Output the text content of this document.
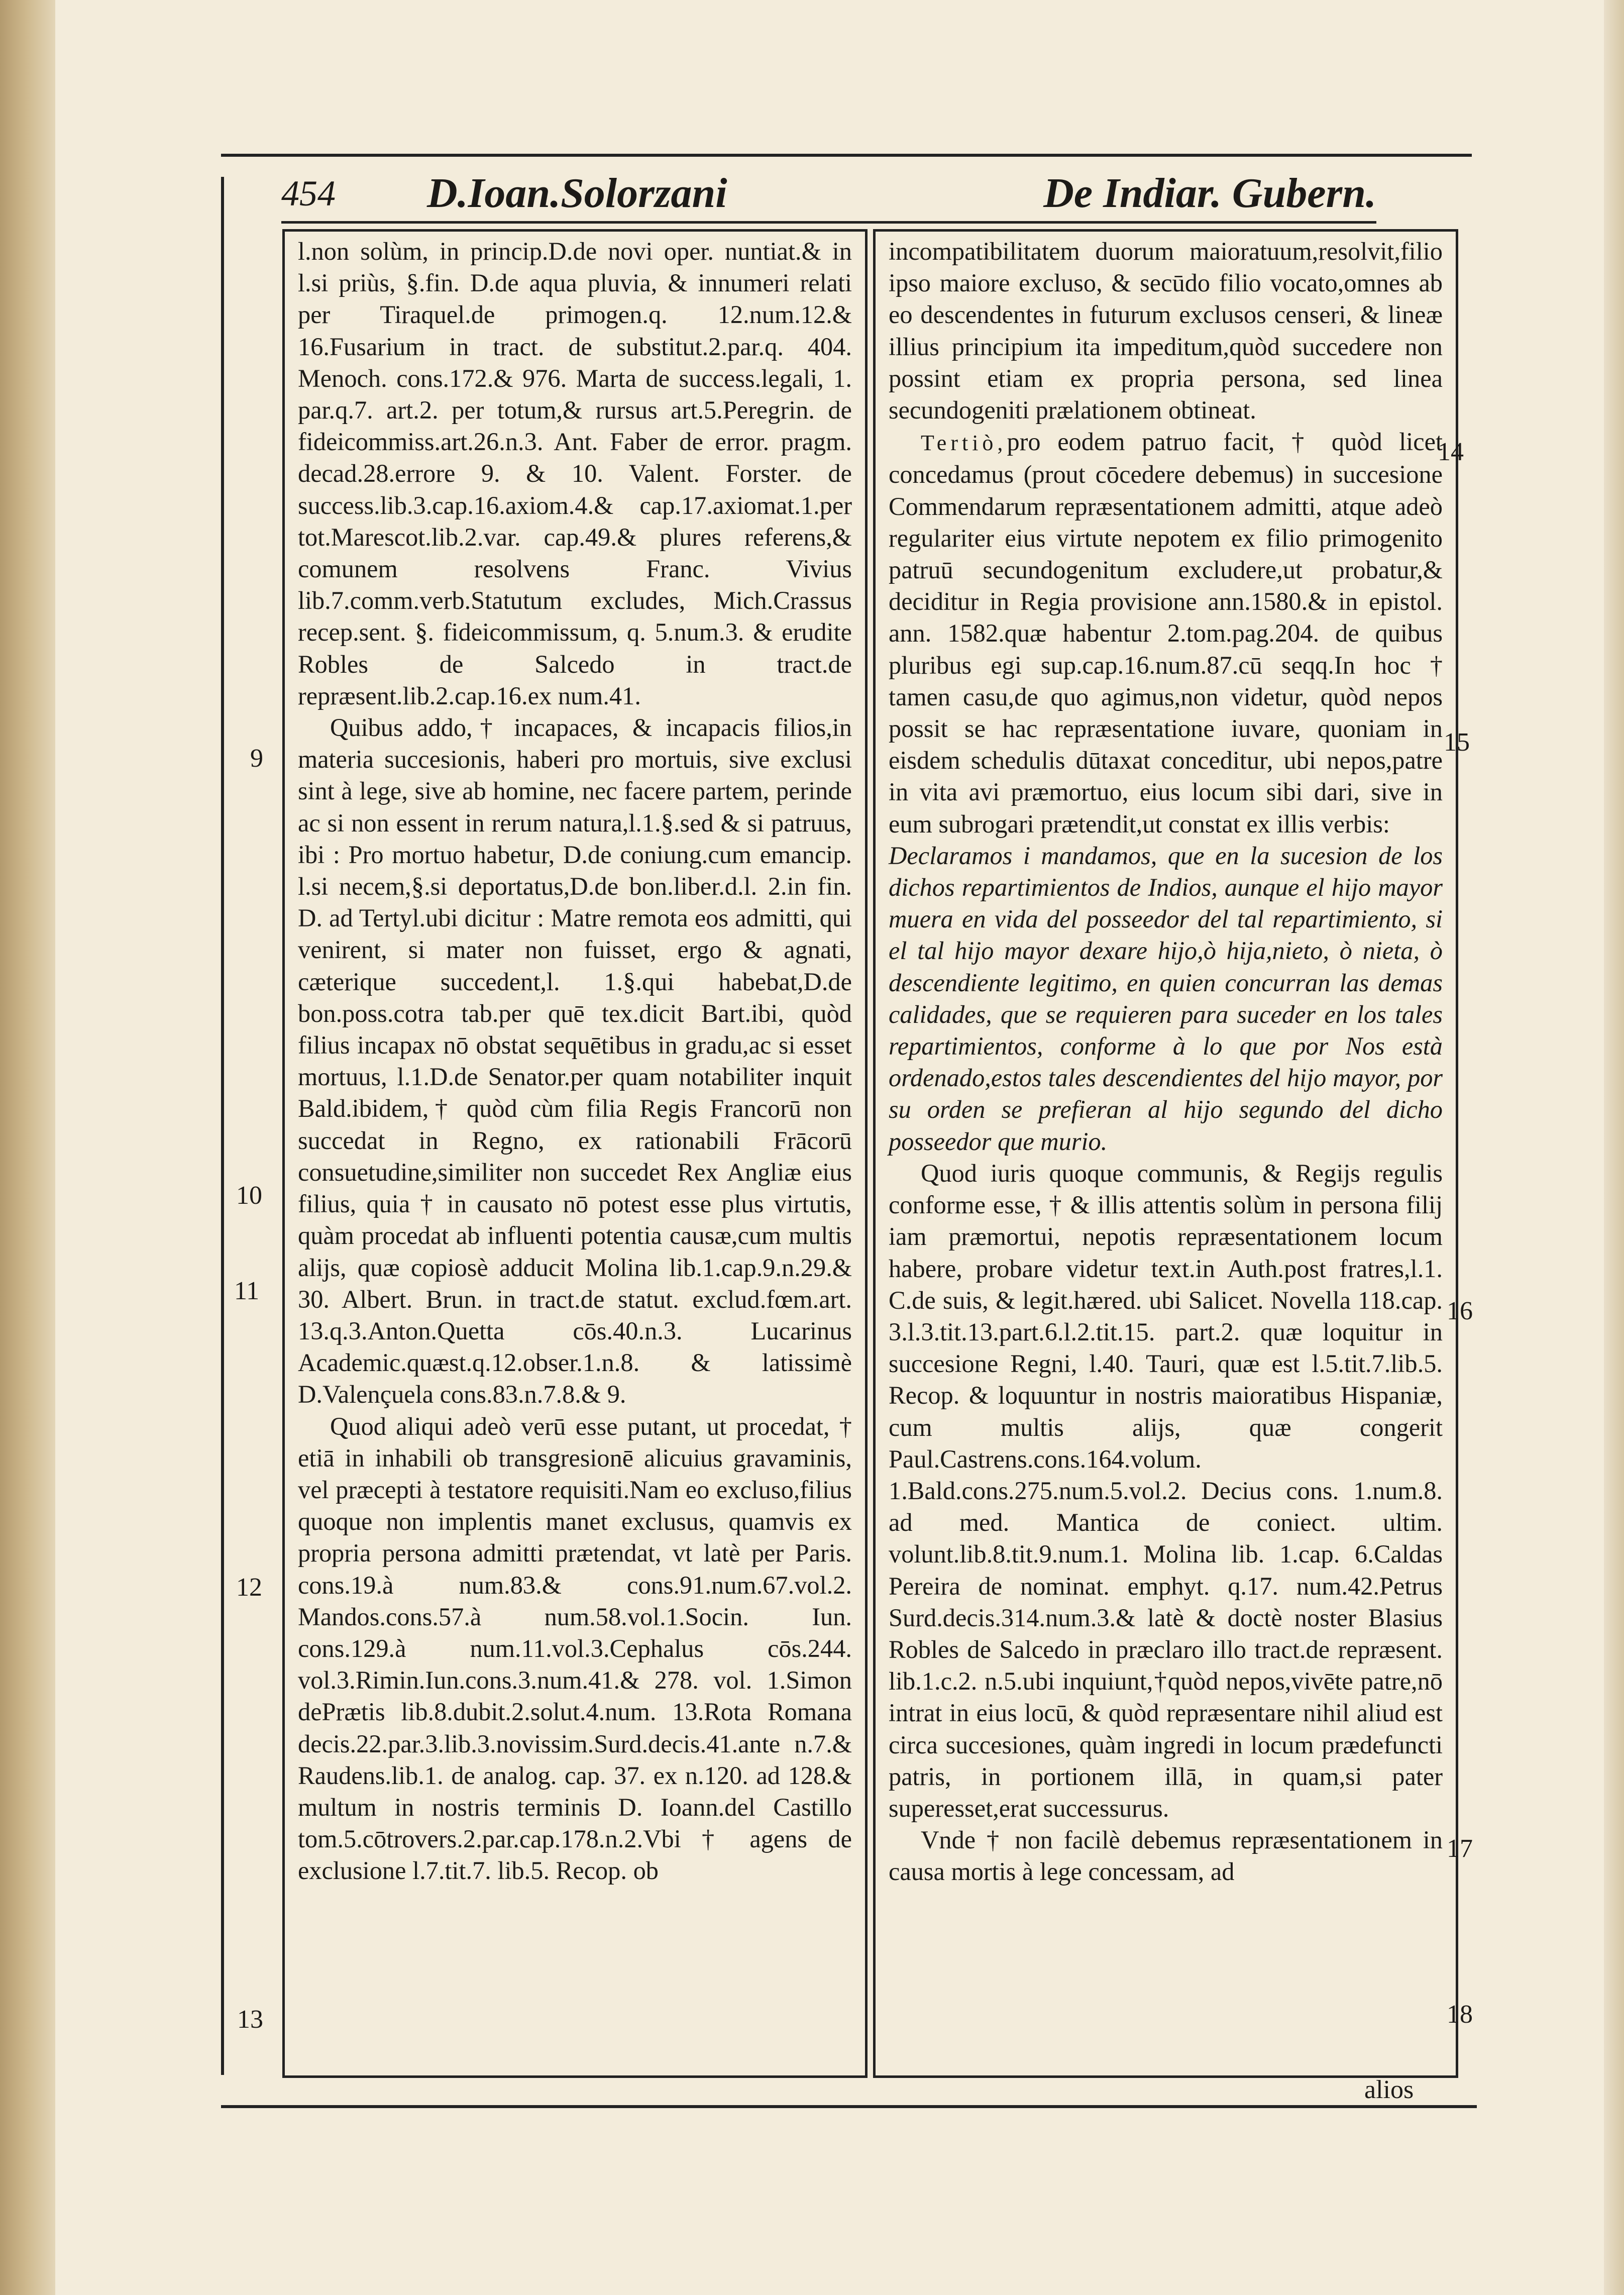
454 D.Ioan.Solorzani	De Indiar. Gubern.

l.non solùm, in princip.D.de novi oper. nuntiat.& in l.si priùs, §.fin. D.de aqua pluvia, & innumeri relati per Tiraquel.de primogen.q. 12.num.12.& 16.Fusarium in tract. de substitut.2.par.q. 404. Menoch. cons.172.& 976. Marta de success.legali, 1. par.q.7. art.2. per totum,& rursus art.5.Peregrin. de fideicommiss.art.26.n.3. Ant. Faber de error. pragm. decad.28.errore 9. & 10. Valent. Forster. de success.lib.3.cap.16.axiom.4.& cap.17.axiomat.1.per tot.Marescot.lib.2.var. cap.49.& plures referens,& comunem resolvens Franc. Vivius lib.7.comm.verb.Statutum excludes, Mich.Crassus recep.sent. §. fideicommissum, q. 5.num.3. & erudite Robles de Salcedo in tract.de repræsent.lib.2.cap.16.ex num.41.

Quibus addo,† incapaces, & incapacis filios,in materia succesionis, haberi pro mortuis, sive exclusi sint à lege, sive ab homine, nec facere partem, perinde ac si non essent in rerum natura,l.1.§.sed & si patruus, ibi : Pro mortuo habetur, D.de coniung.cum emancip. l.si necem,§.si deportatus,D.de bon.liber.d.l. 2.in fin. D. ad Tertyl.ubi dicitur : Matre remota eos admitti, qui venirent, si mater non fuisset, ergo & agnati, cæterique succedent,l. 1.§.qui habebat,D.de bon.poss.cotra tab.per quē tex.dicit Bart.ibi, quòd filius incapax nō obstat sequētibus in gradu,ac si esset mortuus, l.1.D.de Senator.per quam notabiliter inquit Bald.ibidem,† quòd cùm filia Regis Francorū non succedat in Regno, ex rationabili Frācorū consuetudine,similiter non succedet Rex Angliæ eius filius, quia † in causato nō potest esse plus virtutis, quàm procedat ab influenti potentia causæ,cum multis alijs, quæ copiosè adducit Molina lib.1.cap.9.n.29.& 30. Albert. Brun. in tract.de statut. exclud.fœm.art. 13.q.3.Anton.Quetta cōs.40.n.3. Lucarinus Academic.quæst.q.12.obser.1.n.8. & latissimè D.Valençuela cons.83.n.7.8.& 9.

Quod aliqui adeò verū esse putant, ut procedat, † etiā in inhabili ob transgresionē alicuius gravaminis, vel præcepti à testatore requisiti.Nam eo excluso,filius quoque non implentis manet exclusus, quamvis ex propria persona admitti prætendat, vt latè per Paris. cons.19.à num.83.& cons.91.num.67.vol.2. Mandos.cons.57.à num.58.vol.1.Socin. Iun. cons.129.à num.11.vol.3.Cephalus cōs.244. vol.3.Rimin.Iun.cons.3.num.41.& 278. vol. 1.Simon dePrætis lib.8.dubit.2.solut.4.num. 13.Rota Romana decis.22.par.3.lib.3.novissim.Surd.decis.41.ante n.7.& Raudens.lib.1. de analog. cap. 37. ex n.120. ad 128.& multum in nostris terminis D. Ioann.del Castillo tom.5.cōtrovers.2.par.cap.178.n.2.Vbi † agens de exclusione l.7.tit.7. lib.5. Recop. ob

incompatibilitatem duorum maioratuum,resolvit,filio ipso maiore excluso, & secūdo filio vocato,omnes ab eo descendentes in futurum exclusos censeri, & lineæ illius principium ita impeditum,quòd succedere non possint etiam ex propria persona, sed linea secundogeniti prælationem obtineat.

Tertiò,pro eodem patruo facit, † quòd licet concedamus (prout cōcedere debemus) in succesione Commendarum repræsentationem admitti, atque adeò regulariter eius virtute nepotem ex filio primogenito patruū secundogenitum excludere,ut probatur,& deciditur in Regia provisione ann.1580.& in epistol. ann. 1582.quæ habentur 2.tom.pag.204. de quibus pluribus egi sup.cap.16.num.87.cū seqq.In hoc † tamen casu,de quo agimus,non videtur, quòd nepos possit se hac repræsentatione iuvare, quoniam in eisdem schedulis dūtaxat conceditur, ubi nepos,patre in vita avi præmortuo, eius locum sibi dari, sive in eum subrogari prætendit,ut constat ex illis verbis:

Declaramos i mandamos, que en la sucesion de los dichos repartimientos de Indios, aunque el hijo mayor muera en vida del posseedor del tal repartimiento, si el tal hijo mayor dexare hijo,ò hija,nieto, ò nieta, ò descendiente legitimo, en quien concurran las demas calidades, que se requieren para suceder en los tales repartimientos, conforme à lo que por Nos està ordenado,estos tales descendientes del hijo mayor, por su orden se prefieran al hijo segundo del dicho posseedor que murio.

Quod iuris quoque communis, & Regijs regulis conforme esse, † & illis attentis solùm in persona filij iam præmortui, nepotis repræsentationem locum habere, probare videtur text.in Auth.post fratres,l.1. C.de suis, & legit.hæred. ubi Salicet. Novella 118.cap. 3.l.3.tit.13.part.6.l.2.tit.15. part.2. quæ loquitur in succesione Regni, l.40. Tauri, quæ est l.5.tit.7.lib.5. Recop. & loquuntur in nostris maioratibus Hispaniæ, cum multis alijs, quæ congerit Paul.Castrens.cons.164.volum. 1.Bald.cons.275.num.5.vol.2. Decius cons. 1.num.8. ad med. Mantica de coniect. ultim. volunt.lib.8.tit.9.num.1. Molina lib. 1.cap. 6.Caldas Pereira de nominat. emphyt. q.17. num.42.Petrus Surd.decis.314.num.3.& latè & doctè noster Blasius Robles de Salcedo in præclaro illo tract.de repræsent. lib.1.c.2. n.5.ubi inquiunt,†quòd nepos,vivēte patre,nō intrat in eius locū, & quòd repræsentare nihil aliud est circa succesiones, quàm ingredi in locum prædefuncti patris, in portionem illā, in quam,si pater superesset,erat successurus.

Vnde † non facilè debemus repræsentationem in causa mortis à lege concessam, ad

9
10
11
12
13
14
15
16
17
18
alios
